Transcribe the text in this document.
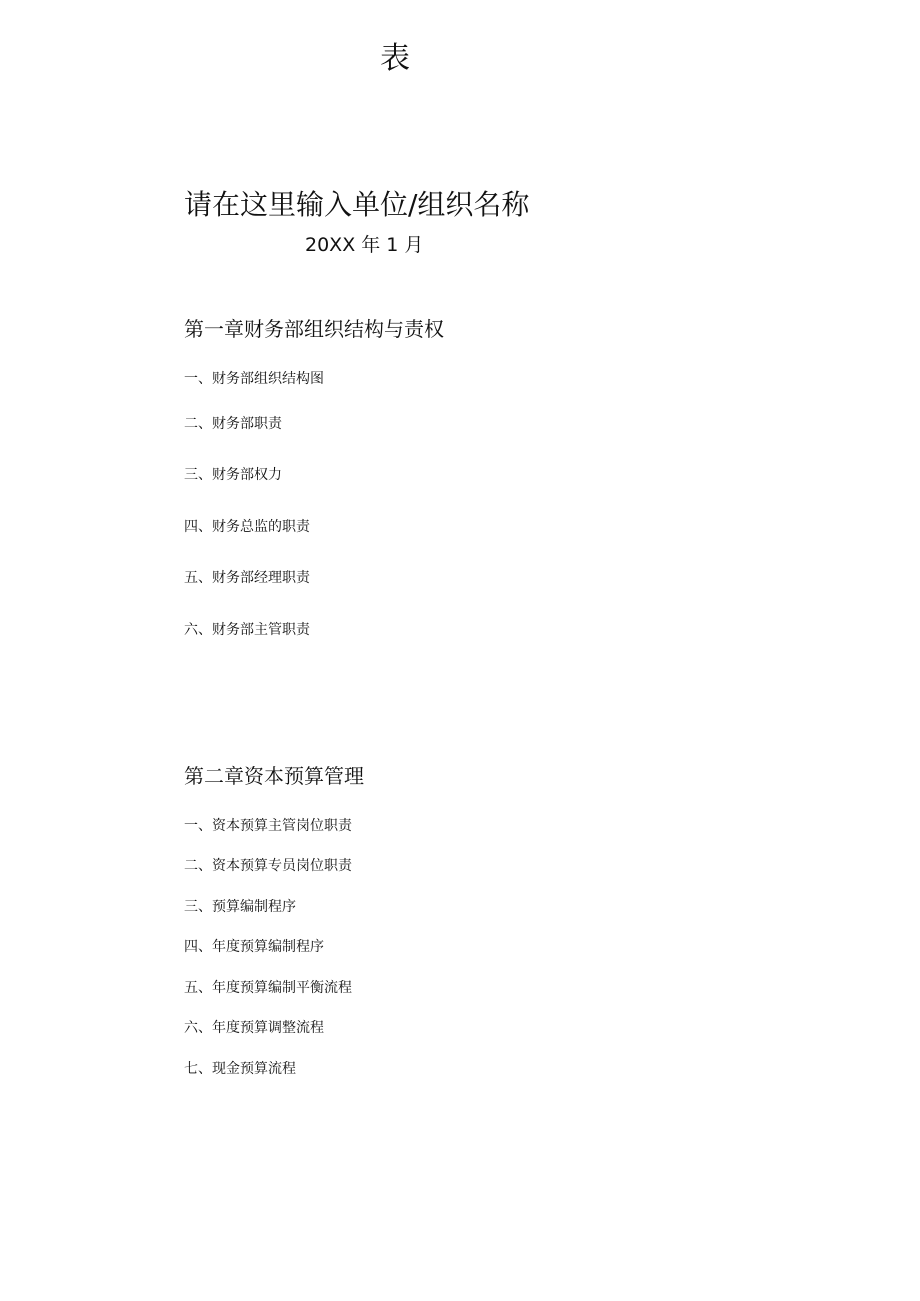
表
请在这里输入单位/组织名称
20XX 年 1 月
第一章财务部组织结构与责权
一、财务部组织结构图
二、财务部职责
三、财务部权力
四、财务总监的职责
五、财务部经理职责
六、财务部主管职责
第二章资本预算管理
一、资本预算主管岗位职责
二、资本预算专员岗位职责
三、预算编制程序
四、年度预算编制程序
五、年度预算编制平衡流程
六、年度预算调整流程
七、现金预算流程
